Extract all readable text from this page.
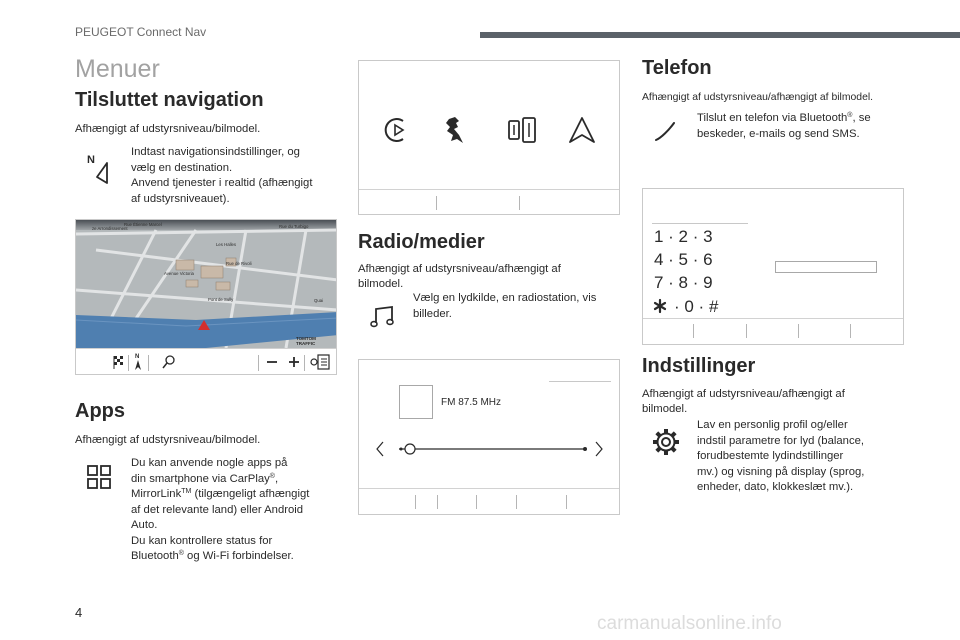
PEUGEOT Connect Nav
Menuer
Tilsluttet navigation
Afhængigt af udstyrsniveau/bilmodel.
N
Indtast navigationsindstillinger, og
vælg en destination.
Anvend tjenester i realtid (afhængigt
af udstyrsniveauet).
ze Arrondissement
Rue Étienne Marcel	Rue du Turbigo
Les Halles
Rue de Rivoli
Avenue Victoria
Pont de Sully	Quai
TOMTOM
TRAFFIC
N
Apps
Afhængigt af udstyrsniveau/bilmodel.
Du kan anvende nogle apps på
din smartphone via CarPlay®,
MirrorLink™ (tilgængeligt afhængigt
af det relevante land) eller Android
Auto.
Du kan kontrollere status for
Bluetooth® og Wi-Fi forbindelser.
Radio/medier
Afhængigt af udstyrsniveau/afhængigt af
bilmodel.
Vælg en lydkilde, en radiostation, vis
billeder.
FM 87.5 MHz
Telefon
Afhængigt af udstyrsniveau/afhængigt af bilmodel.
Tilslut en telefon via Bluetooth®, se
beskeder, e-mails og send SMS.
1 · 2 · 3
4 · 5 · 6
7 · 8 · 9
· 0 · #
Indstillinger
Afhængigt af udstyrsniveau/afhængigt af
bilmodel.
Lav en personlig profil og/eller
indstil parametre for lyd (balance,
forudbestemte lydindstillinger
mv.) og visning på display (sprog,
enheder, dato, klokkeslæt mv.).
4
carmanualsonline.info
